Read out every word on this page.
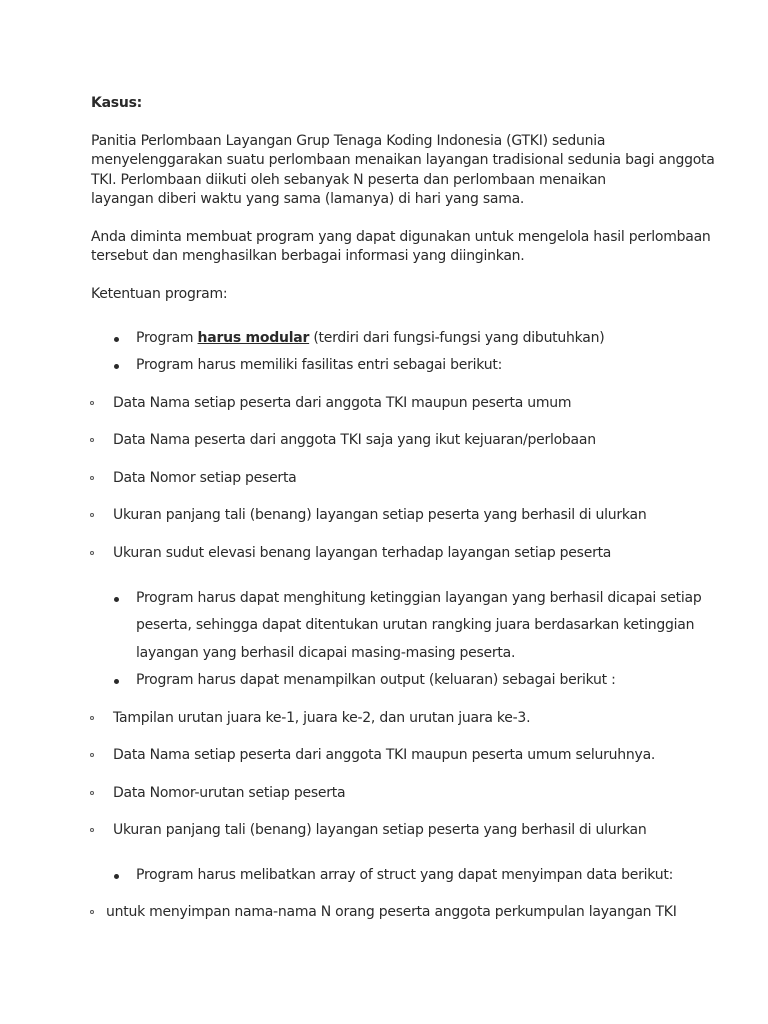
Kasus:
Panitia Perlombaan Layangan Grup Tenaga Koding Indonesia (GTKI) sedunia
menyelenggarakan suatu perlombaan menaikan layangan tradisional sedunia bagi anggota
TKI. Perlombaan diikuti oleh sebanyak N peserta dan perlombaan menaikan
layangan diberi waktu yang sama (lamanya) di hari yang sama.
Anda diminta membuat program yang dapat digunakan untuk mengelola hasil perlombaan
tersebut dan menghasilkan berbagai informasi yang diinginkan.
Ketentuan program:
Program harus modular (terdiri dari fungsi-fungsi yang dibutuhkan)
Program harus memiliki fasilitas entri sebagai berikut:
Data Nama setiap peserta dari anggota TKI maupun peserta umum
Data Nama peserta dari anggota TKI saja yang ikut kejuaran/perlobaan
Data Nomor setiap peserta
Ukuran panjang tali (benang) layangan setiap peserta yang berhasil di ulurkan
Ukuran sudut elevasi benang layangan terhadap layangan setiap peserta
Program harus dapat menghitung ketinggian layangan yang berhasil dicapai setiap
peserta, sehingga dapat ditentukan urutan rangking juara berdasarkan ketinggian
layangan yang berhasil dicapai masing-masing peserta.
Program harus dapat menampilkan output (keluaran) sebagai berikut :
Tampilan urutan juara ke-1, juara ke-2, dan urutan juara ke-3.
Data Nama setiap peserta dari anggota TKI maupun peserta umum seluruhnya.
Data Nomor-urutan setiap peserta
Ukuran panjang tali (benang) layangan setiap peserta yang berhasil di ulurkan
Program harus melibatkan array of struct yang dapat menyimpan data berikut:
untuk menyimpan nama-nama N orang peserta anggota perkumpulan layangan TKI
